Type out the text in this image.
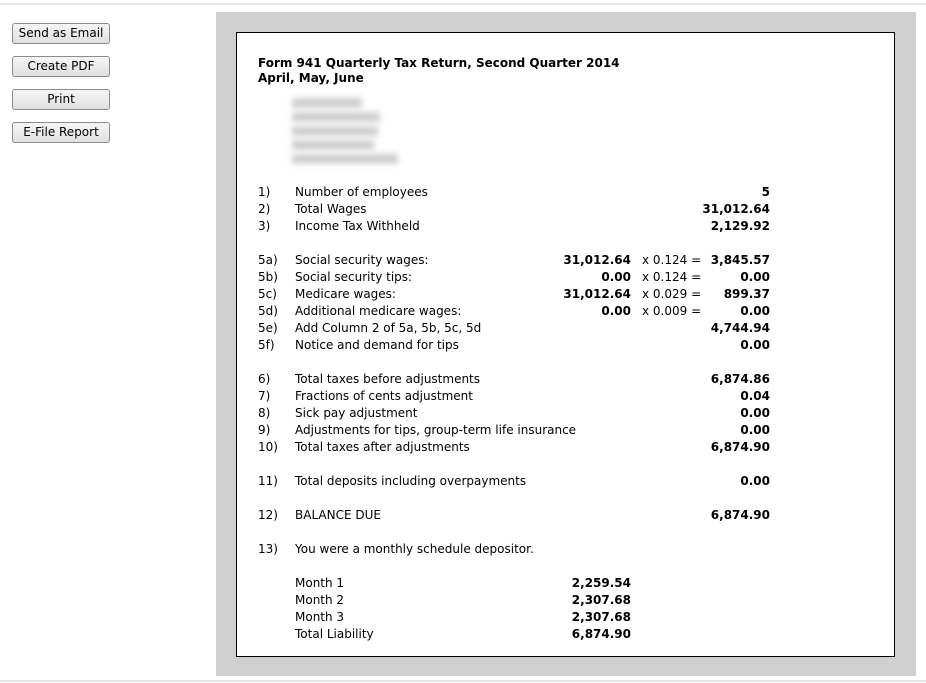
Send as Email
Create PDF
Print
E-File Report
Form 941 Quarterly Tax Return, Second Quarter 2014
April, May, June
1) Number of employees	5
2) Total Wages	31,012.64
3) Income Tax Withheld	2,129.92
5a) Social security wages:	31,012.64 x 0.124 = 3,845.57
5b) Social security tips:	0.00 x 0.124 =	0.00
5c) Medicare wages:	31,012.64 x 0.029 = 899.37
5d) Additional medicare wages:	0.00 x 0.009 =	0.00
5e) Add Column 2 of 5a, 5b, 5c, 5d	4,744.94
5f) Notice and demand for tips	0.00
6) Total taxes before adjustments	6,874.86
7) Fractions of cents adjustment	0.04
8) Sick pay adjustment	0.00
9) Adjustments for tips, group-term life insurance	0.00
10) Total taxes after adjustments	6,874.90
11) Total deposits including overpayments	0.00
12) BALANCE DUE	6,874.90
13) You were a monthly schedule depositor.
Month 1	2,259.54
Month 2	2,307.68
Month 3	2,307.68
Total Liability	6,874.90
